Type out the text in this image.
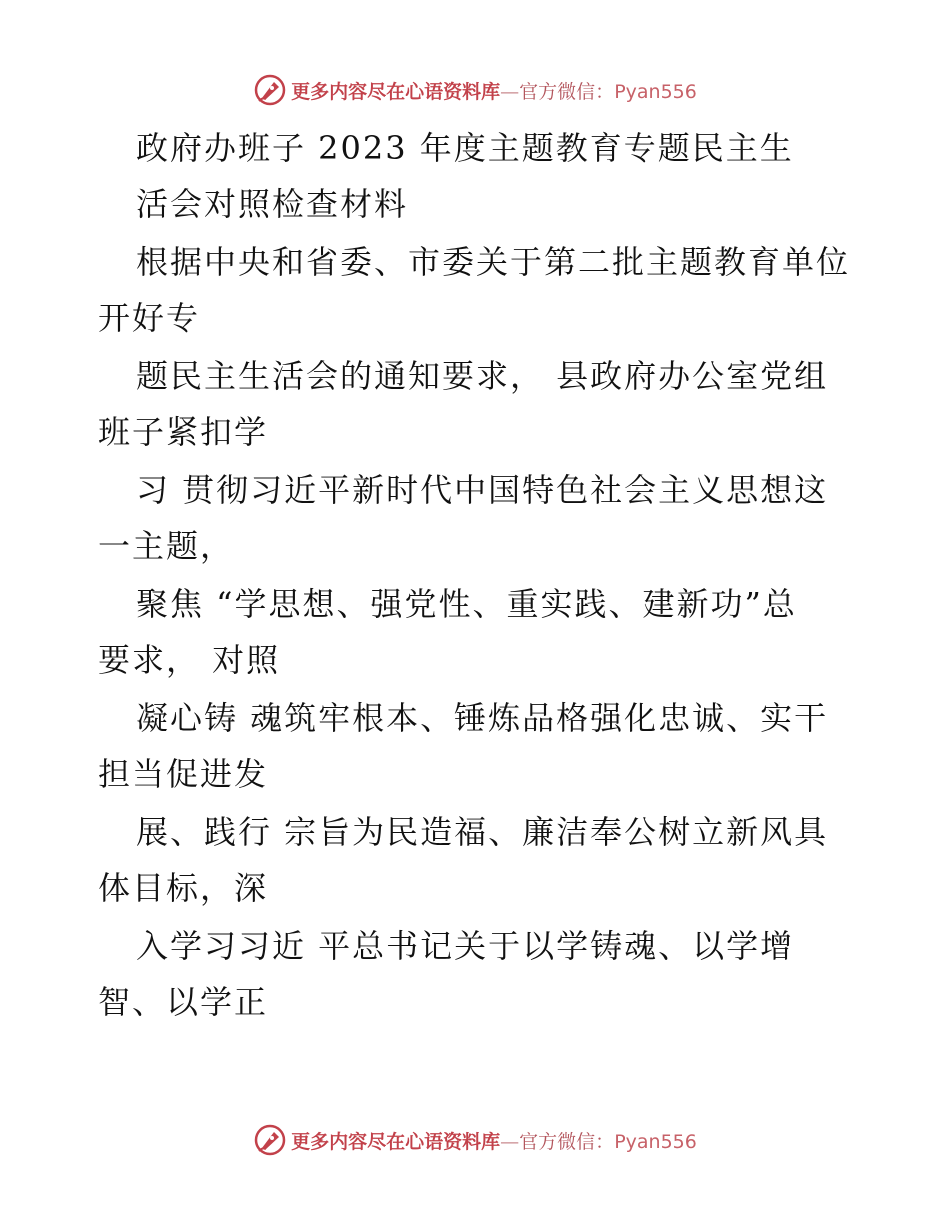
更多内容尽在心语资料库—官方微信：Pyan556
政府办班子 2023 年度主题教育专题民主生
活会对照检查材料
根据中央和省委、市委关于第二批主题教育单位
开好专
题民主生活会的通知要求， 县政府办公室党组
班子紧扣学
习 贯彻习近平新时代中国特色社会主义思想这
一主题，
聚焦 “学思想、强党性、重实践、建新功”总
要求， 对照
凝心铸 魂筑牢根本、锤炼品格强化忠诚、实干
担当促进发
展、践行 宗旨为民造福、廉洁奉公树立新风具
体目标，深
入学习习近 平总书记关于以学铸魂、以学增
智、以学正
更多内容尽在心语资料库—官方微信：Pyan556
